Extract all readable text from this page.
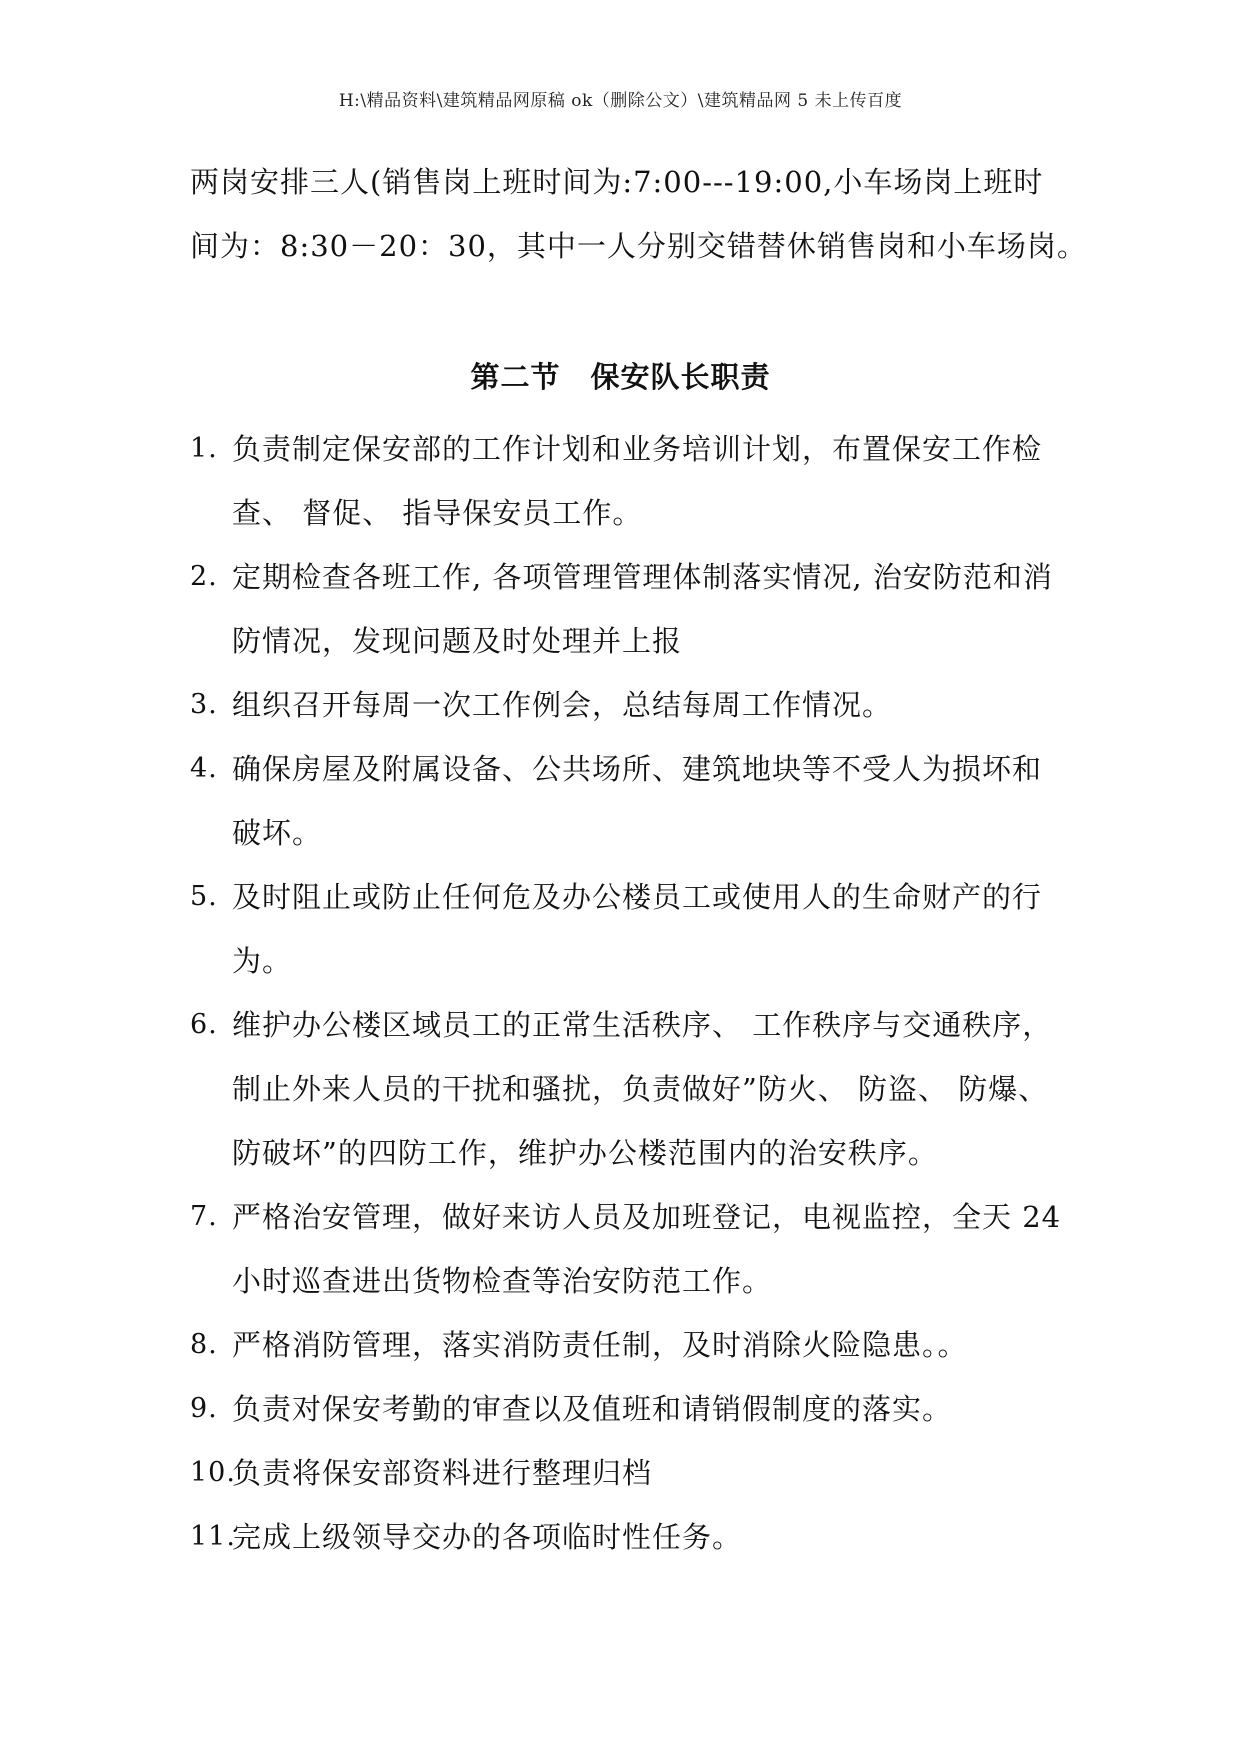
H:\精品资料\建筑精品网原稿 ok（删除公文）\建筑精品网 5 未上传百度
两岗安排三人(销售岗上班时间为:7:00---19:00,小车场岗上班时
间为：8:30－20：30，其中一人分别交错替休销售岗和小车场岗。
第二节　保安队长职责
1. 负责制定保安部的工作计划和业务培训计划，布置保安工作检
查、 督促、 指导保安员工作。
2. 定期检查各班工作, 各项管理管理体制落实情况, 治安防范和消
防情况，发现问题及时处理并上报
3. 组织召开每周一次工作例会，总结每周工作情况。
4. 确保房屋及附属设备、公共场所、建筑地块等不受人为损坏和
破坏。
5. 及时阻止或防止任何危及办公楼员工或使用人的生命财产的行
为。
6. 维护办公楼区域员工的正常生活秩序、 工作秩序与交通秩序，
制止外来人员的干扰和骚扰，负责做好”防火、 防盗、 防爆、
防破坏”的四防工作，维护办公楼范围内的治安秩序。
7. 严格治安管理，做好来访人员及加班登记，电视监控，全天 24
小时巡查进出货物检查等治安防范工作。
8. 严格消防管理，落实消防责任制，及时消除火险隐患。。
9. 负责对保安考勤的审查以及值班和请销假制度的落实。
10.
负责将保安部资料进行整理归档
11.
完成上级领导交办的各项临时性任务。
